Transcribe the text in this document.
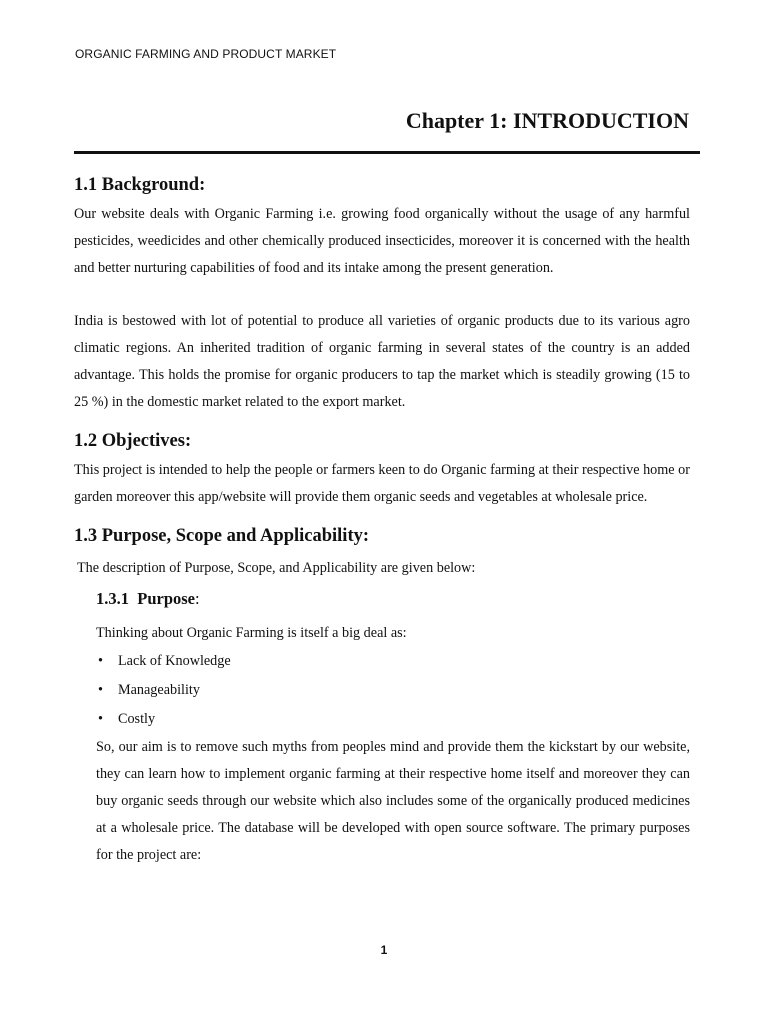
ORGANIC FARMING AND PRODUCT MARKET
Chapter 1: INTRODUCTION
1.1 Background:

Our website deals with Organic Farming i.e. growing food organically without the usage of any harmful pesticides, weedicides and other chemically produced insecticides, moreover it is concerned with the health and better nurturing capabilities of food and its intake among the present generation.

India is bestowed with lot of potential to produce all varieties of organic products due to its various agro climatic regions. An inherited tradition of organic farming in several states of the country is an added advantage. This holds the promise for organic producers to tap the market which is steadily growing (15 to 25 %) in the domestic market related to the export market.

1.2 Objectives:

This project is intended to help the people or farmers keen to do Organic farming at their respective home or garden moreover this app/website will provide them organic seeds and vegetables at wholesale price.

1.3 Purpose, Scope and Applicability:

The description of Purpose, Scope, and Applicability are given below:

1.3.1 Purpose:

Thinking about Organic Farming is itself a big deal as:

• Lack of Knowledge
• Manageability
• Costly

So, our aim is to remove such myths from peoples mind and provide them the kickstart by our website, they can learn how to implement organic farming at their respective home itself and moreover they can buy organic seeds through our website which also includes some of the organically produced medicines at a wholesale price. The database will be developed with open source software. The primary purposes for the project are:

1
